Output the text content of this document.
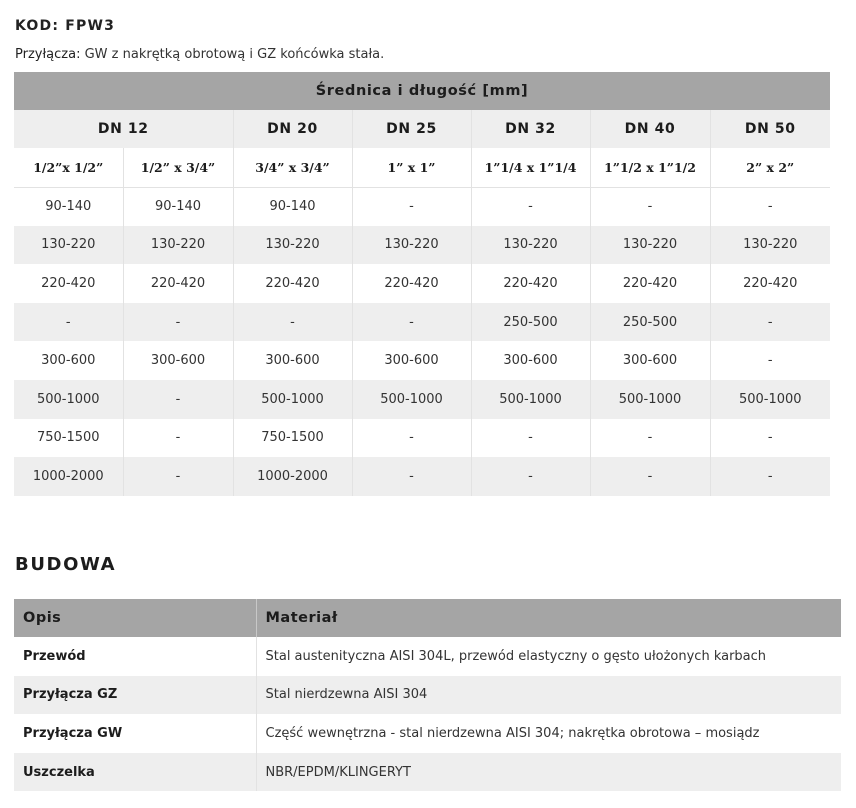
KOD: FPW3
Przyłącza: GW z nakrętką obrotową i GZ końcówka stała.
Średnica i długość [mm]						
DN 12		DN 20	DN 25	DN 32	DN 40	DN 50
1/2”x 1/2”	1/2” x 3/4”	3/4” x 3/4”	1” x 1”	1”1/4 x 1”1/4	1”1/2 x 1”1/2	2” x 2”
90-140	90-140	90-140	-	-	-	-
130-220	130-220	130-220	130-220	130-220	130-220	130-220
220-420	220-420	220-420	220-420	220-420	220-420	220-420
-	-	-	-	250-500	250-500	-
300-600	300-600	300-600	300-600	300-600	300-600	-
500-1000	-	500-1000	500-1000	500-1000	500-1000	500-1000
750-1500	-	750-1500	-	-	-	-
1000-2000	-	1000-2000	-	-	-	-
BUDOWA
Opis	Materiał
Przewód	Stal austenityczna AISI 304L, przewód elastyczny o gęsto ułożonych karbach
Przyłącza GZ	Stal nierdzewna AISI 304
Przyłącza GW	Część wewnętrzna - stal nierdzewna AISI 304; nakrętka obrotowa – mosiądz
Uszczelka	NBR/EPDM/KLINGERYT
